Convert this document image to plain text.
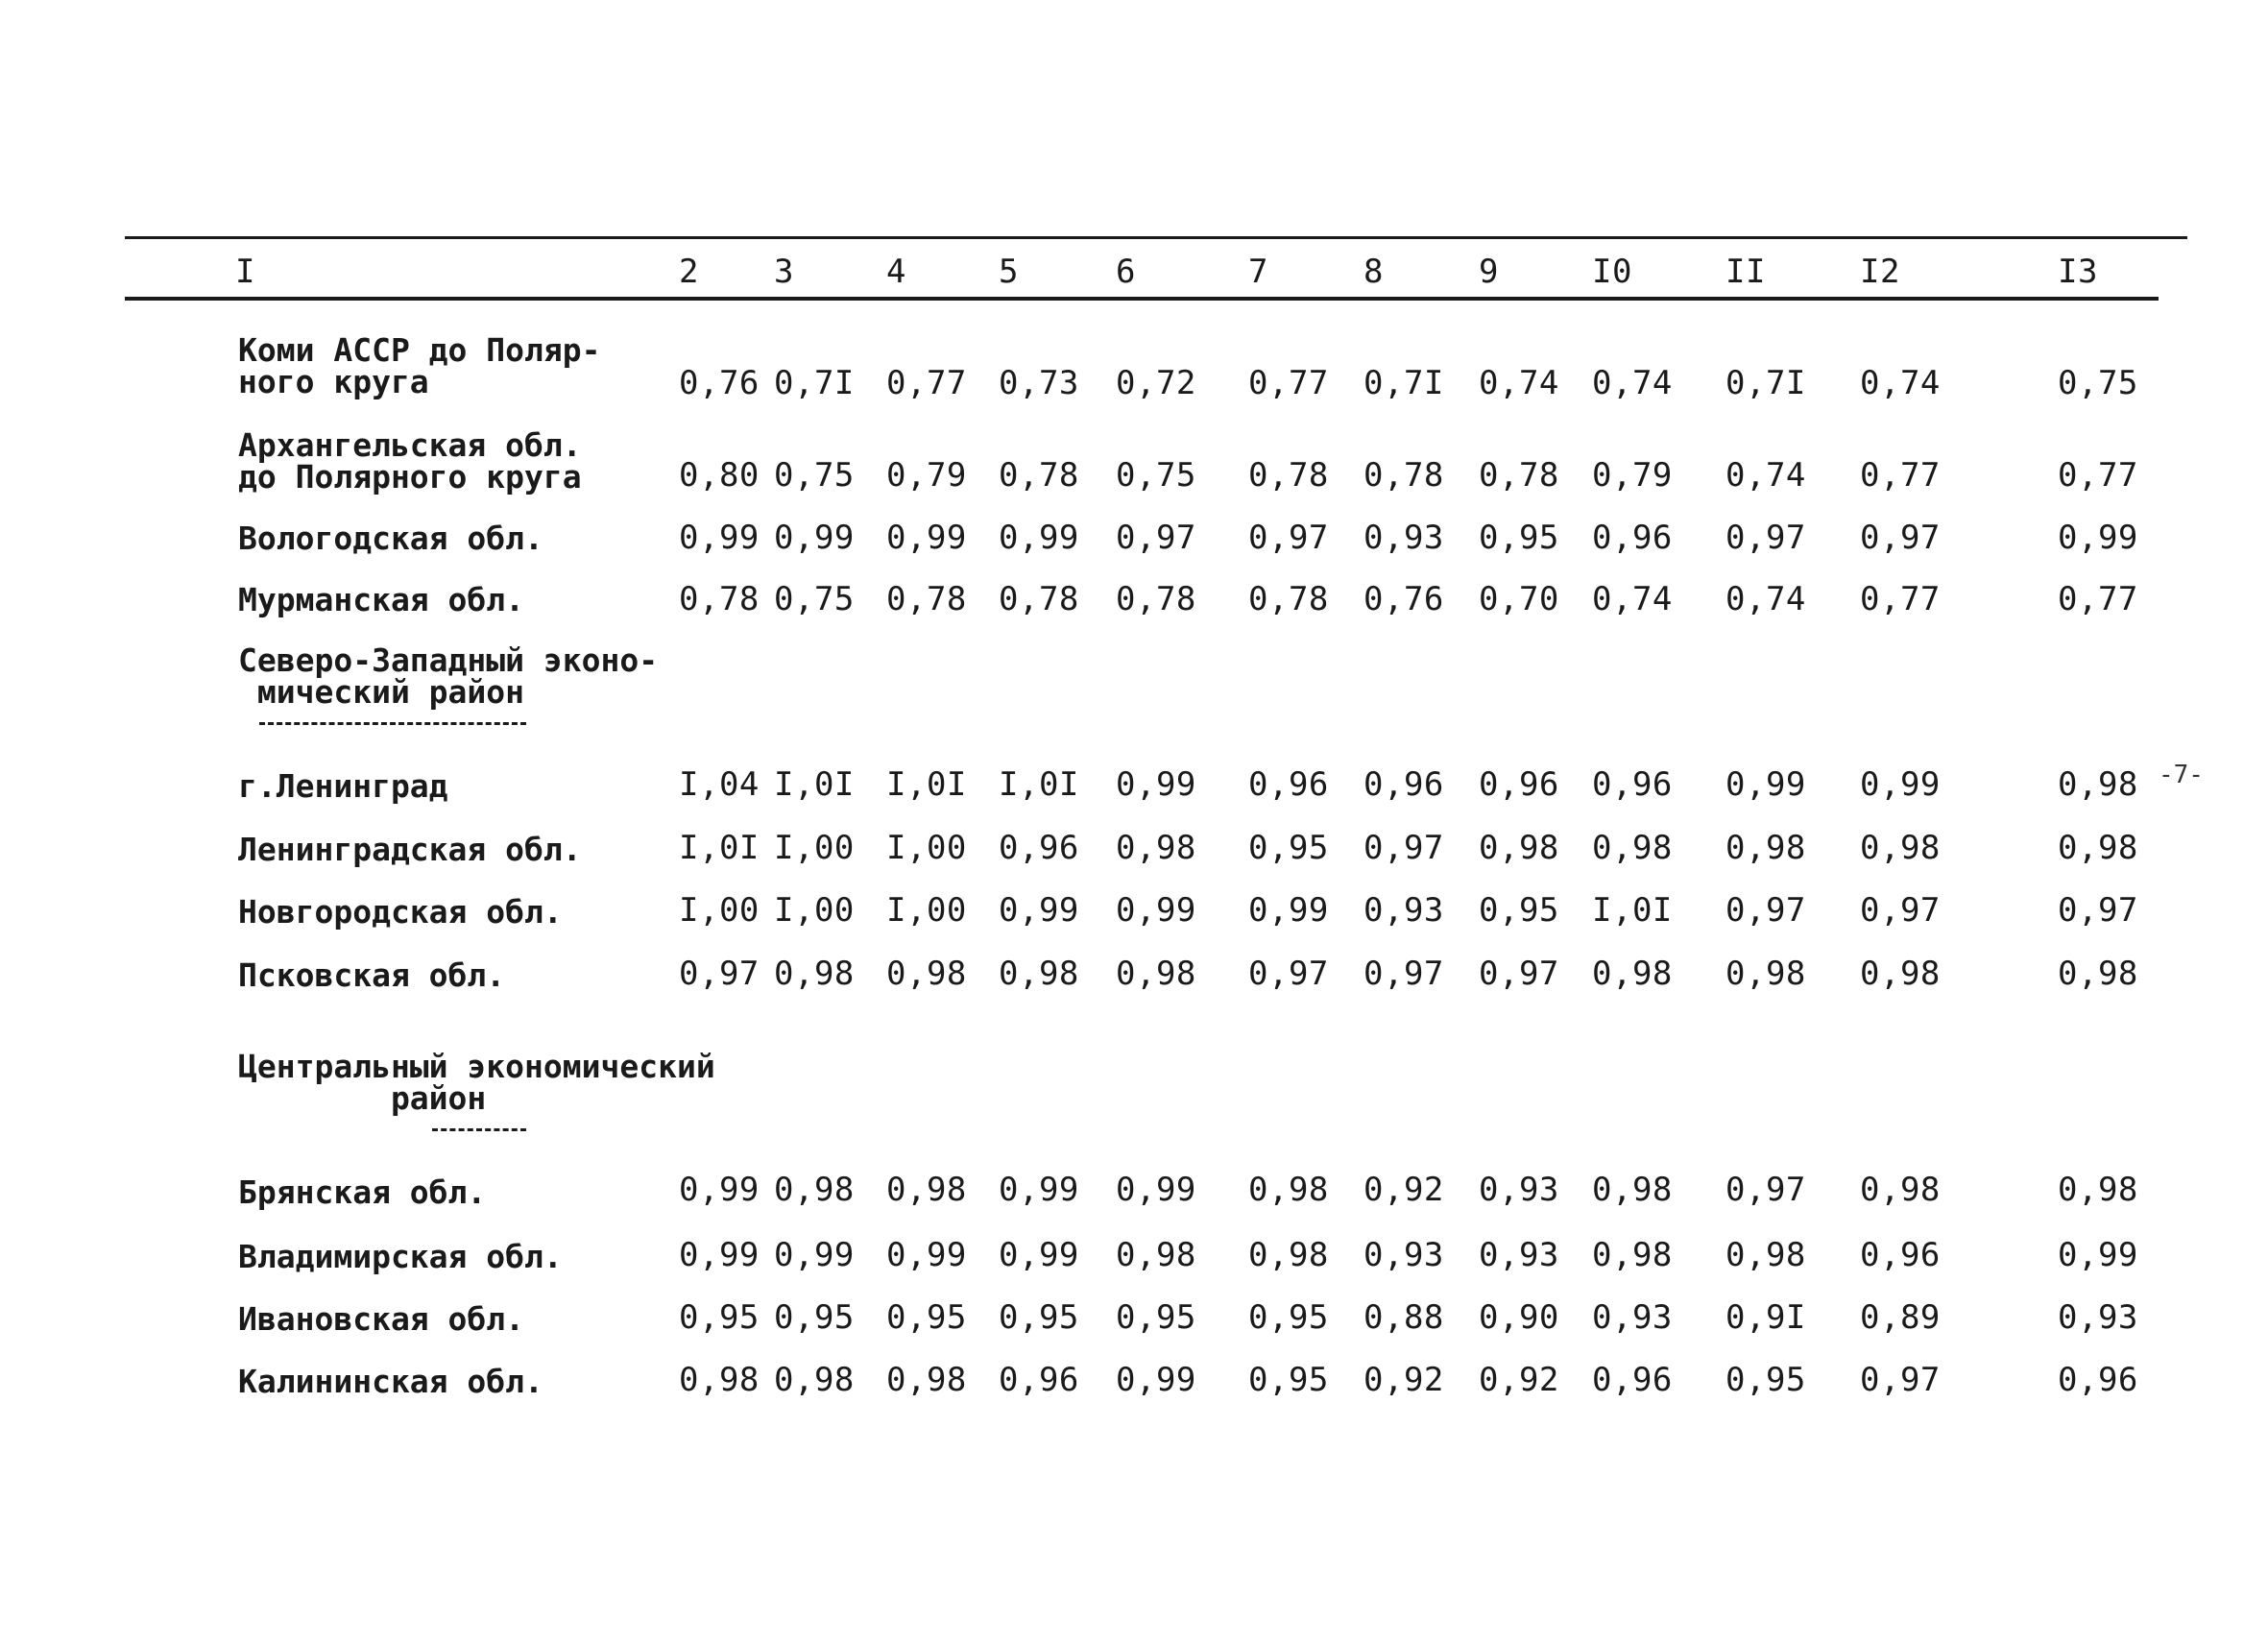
I	2 3	4	5	6	7	8	9	I0	II	I2	I3
Коми АССР до Поляр-
ного круга	0,76 0,7I 0,77 0,73 0,72 0,77 0,7I 0,74 0,74 0,7I 0,74	0,75
Архангельская обл.
до Полярного круга	0,80 0,75 0,79 0,78 0,75 0,78 0,78 0,78 0,79 0,74 0,77	0,77
Вологодская обл.	0,99 0,99 0,99 0,99 0,97 0,97 0,93 0,95 0,96 0,97 0,97	0,99
Мурманская обл.	0,78 0,75 0,78 0,78 0,78 0,78 0,76 0,70 0,74 0,74 0,77	0,77
Северо-Западный эконо-
мический район
г.Ленинград	I,04 I,0I I,0I I,0I 0,99 0,96 0,96 0,96 0,96 0,99 0,99	0,98
Ленинградская обл.	I,0I I,00 I,00 0,96 0,98 0,95 0,97 0,98 0,98 0,98 0,98	0,98
Новгородская обл.	I,00 I,00 I,00 0,99 0,99 0,99 0,93 0,95 I,0I 0,97 0,97	0,97
Псковская обл.	0,97 0,98 0,98 0,98 0,98 0,97 0,97 0,97 0,98 0,98 0,98	0,98
Центральный экономический
район
Брянская обл.	0,99 0,98 0,98 0,99 0,99 0,98 0,92 0,93 0,98 0,97 0,98	0,98
Владимирская обл.	0,99 0,99 0,99 0,99 0,98 0,98 0,93 0,93 0,98 0,98 0,96	0,99
Ивановская обл.	0,95 0,95 0,95 0,95 0,95 0,95 0,88 0,90 0,93 0,9I 0,89	0,93
Калининская обл.	0,98 0,98 0,98 0,96 0,99 0,95 0,92 0,92 0,96 0,95 0,97	0,96
-7-
